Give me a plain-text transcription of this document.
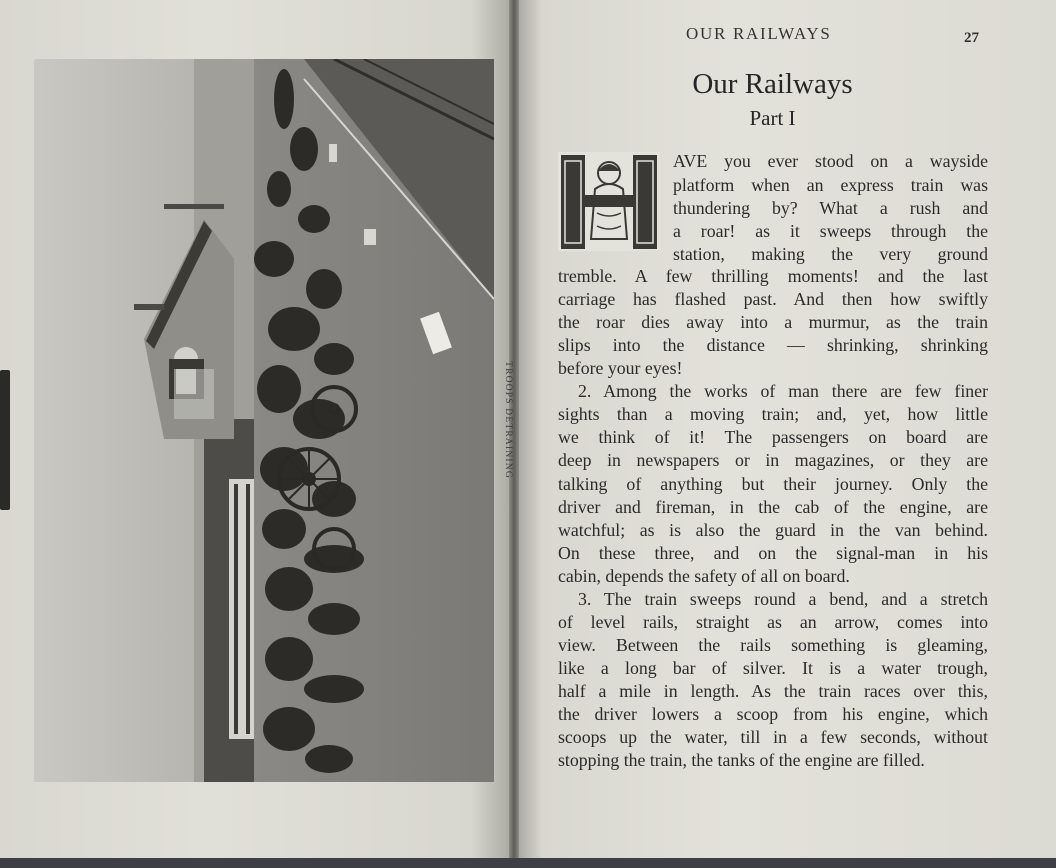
TROOPS DETRAINING
OUR RAILWAYS	27
Our Railways
Part I
H
AVE you ever stood on a wayside
platform when an express train was
thundering by? What a rush and
a roar! as it sweeps through the
station, making the very ground
tremble. A few thrilling moments! and the last
carriage has flashed past. And then how swiftly
the roar dies away into a murmur, as the train
slips into the distance — shrinking, shrinking
before your eyes!
2. Among the works of man there are few finer
sights than a moving train; and, yet, how little
we think of it! The passengers on board are
deep in newspapers or in magazines, or they are
talking of anything but their journey. Only the
driver and fireman, in the cab of the engine, are
watchful; as is also the guard in the van behind.
On these three, and on the signal-man in his
cabin, depends the safety of all on board.
3. The train sweeps round a bend, and a stretch
of level rails, straight as an arrow, comes into
view. Between the rails something is gleaming,
like a long bar of silver. It is a water trough,
half a mile in length. As the train races over this,
the driver lowers a scoop from his engine, which
scoops up the water, till in a few seconds, without
stopping the train, the tanks of the engine are filled.
